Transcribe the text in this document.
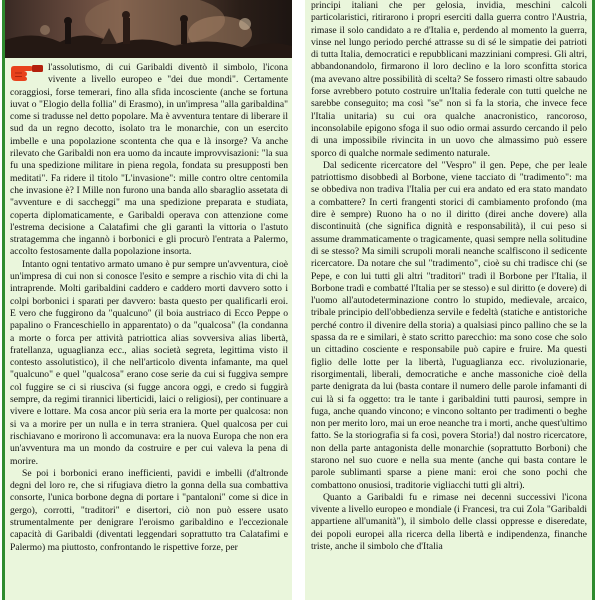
l'assolutismo, di cui Garibaldi diventò il simbolo, l'icona vivente a livello europeo e "dei due mondi". Certamente coraggiosi, forse temerari, fino alla sfida incosciente (anche se fortuna iuvat o "Elogio della follia" di Erasmo), in un'impresa "alla garibaldina" come si tradusse nel detto popolare. Ma è avventura tentare di liberare il sud da un regno decotto, isolato tra le monarchie, con un esercito imbelle e una popolazione scontenta che qua e là insorge? Va anche rilevato che Garibaldi non era uomo da incaute improvvisazioni: "la sua fu una spedizione militare in piena regola, fondata su presupposti ben meditati". Fa ridere il titolo "L'invasione": mille contro oltre centomila che invasione è? I Mille non furono una banda allo sbaraglio assetata di "avventure e di saccheggi" ma una spedizione preparata e studiata, coperta diplomaticamente, e Garibaldi operava con attenzione come l'estrema decisione a Calatafimi che gli garantì la vittoria o l'astuto stratagemma che ingannò i borbonici e gli procurò l'entrata a Palermo, accolto festosamente dalla popolazione insorta.

Intanto ogni tentativo armato umano è pur sempre un'avventura, cioè un'impresa di cui non si conosce l'esito e sempre a rischio vita di chi la intraprende. Molti garibaldini caddero e caddero morti davvero sotto i colpi borbonici i sparati per davvero: basta questo per qualificarli eroi. E vero che fuggirono da "qualcuno" (il boia austriaco di Ecco Peppe o papalino o Franceschiello in apparentato) o da "qualcosa" (la condanna a morte o forca per attività patriottica alias sovversiva alias libertà, fratellanza, uguaglianza ecc., alias società segreta, legittima visto il contesto assolutistico), il che nell'articolo diventa infamante, ma quel "qualcuno" e quel "qualcosa" erano cose serie da cui si fuggiva sempre col fuggire se ci si riusciva (si fugge ancora oggi, e credo si fuggirà sempre, da regimi tirannici liberticidi, laici o religiosi), per continuare a vivere e lottare. Ma cosa ancor più seria era la morte per qualcosa: non si va a morire per un nulla e in terra straniera. Quel qualcosa per cui rischiavano e morirono lì accomunava: era la nuova Europa che non era un'avventura ma un mondo da costruire e per cui valeva la pena di morire.

Se poi i borbonici erano inefficienti, pavidi e imbelli (d'altronde degni del loro re, che si rifugiava dietro la gonna della sua combattiva consorte, l'unica borbone degna di portare i "pantaloni" come si dice in gergo), corrotti, "traditori" e disertori, ciò non può essere usato strumentalmente per denigrare l'eroismo garibaldino e l'eccezionale capacità di Garibaldi (diventati leggendari soprattutto tra Calatafimi e Palermo) ma piuttosto, confrontando le rispettive forze, per

principi italiani che per gelosia, invidia, meschini calcoli particolaristici, ritirarono i propri eserciti dalla guerra contro l'Austria, rimase il solo candidato a re d'Italia e, perdendo al momento la guerra, vinse nel lungo periodo perché attrasse su di sé le simpatie dei patrioti di tutta Italia, democratici e repubblicani mazziniani compresi. Gli altri, abbandonandolo, firmarono il loro declino e la loro sconfitta storica (ma avevano altre possibilità di scelta? Se fossero rimasti oltre sabaudo forse avrebbero potuto costruire un'Italia federale con tutti quelche ne sarebbe conseguito; ma così "se" non si fa la storia, che invece fece l'Italia unitaria) su cui ora qualche anacronistico, rancoroso, inconsolabile epigono sfoga il suo odio ormai assurdo cercando il pelo di una impossibile rivincita in un uovo che almassimo può essere sporco di qualche normale sedimento naturale.

Dal sedicente ricercatore del "Vespro" il gen. Pepe, che per leale patriottismo disobbedì al Borbone, viene tacciato di "tradimento": ma se obbediva non tradiva l'Italia per cui era andato ed era stato mandato a combattere? In certi frangenti storici di cambiamento profondo (ma dire è sempre) Ruono ha o no il diritto (direi anche dovere) alla discontinuità (che significa dignità e responsabilità), il cui peso si assume drammaticamente o tragicamente, quasi sempre nella solitudine di se stesso? Ma simili scrupoli morali neanche scalfiscono il sedicente ricercatore. Da notare che sul "tradimento", cioè su chi tradisce chi (se Pepe, e con lui tutti gli altri "traditori" tradì il Borbone per l'Italia, il Borbone tradì e combatté l'Italia per se stesso) e sul diritto (e dovere) di l'uomo all'autodeterminazione contro lo stupido, medievale, arcaico, tribale principio dell'obbedienza servile e fedeltà (statiche e antistoriche perché contro il divenire della storia) a qualsiasi pinco pallino che se la spassa da re e similari, è stato scritto parecchio: ma sono cose che solo un cittadino cosciente e responsabile può capire e fruire. Ma questi figlio delle lotte per la libertà, l'uguaglianza ecc. rivoluzionarie, risorgimentali, liberali, democratiche e anche massoniche cioè della parte denigrata da lui (basta contare il numero delle parole infamanti di cui là si fa oggetto: tra le tante i garibaldini tutti paurosi, sempre in fuga, anche quando vincono; e vincono soltanto per tradimenti o beghe non per merito loro, mai un eroe neanche tra i morti, anche quest'ultimo fatto. Se la storiografia si fa così, povera Storia!) dal nostro ricercatore, non della parte antagonista delle monarchie (soprattutto Borboni) che starono nel suo cuore e nella sua mente (anche qui basta contare le parole sublimanti sparse a piene mani: eroi che sono pochi che combattono onusiosi, traditorie vigliacchi tutti gli altri).

Quanto a Garibaldi fu e rimase nei decenni successivi l'icona vivente a livello europeo e mondiale (i Francesi, tra cui Zola "Garibaldi appartiene all'umanità"), il simbolo delle classi oppresse e diseredate, dei popoli europei alla ricerca della libertà e indipendenza, finanche triste, anche il simbolo che d'Italia
